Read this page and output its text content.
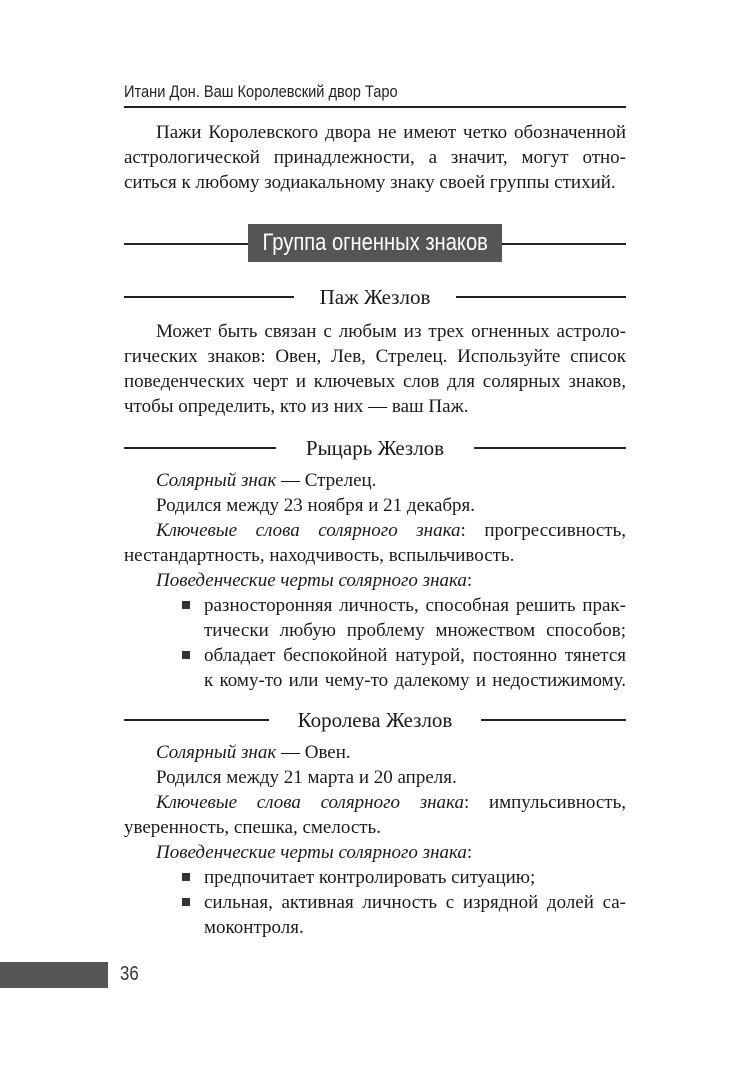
Итани Дон. Ваш Королевский двор Таро
Пажи Королевского двора не имеют четко обозначенной
астрологической принадлежности, а значит, могут отно-
ситься к любому зодиакальному знаку своей группы стихий.
Группа огненных знаков
Паж Жезлов
Может быть связан с любым из трех огненных астроло-
гических знаков: Овен, Лев, Стрелец. Используйте список
поведенческих черт и ключевых слов для солярных знаков,
чтобы определить, кто из них — ваш Паж.
Рыцарь Жезлов
Солярный знак — Стрелец.
Родился между 23 ноября и 21 декабря.
Ключевые слова солярного знака: прогрессивность,
нестандартность, находчивость, вспыльчивость.
Поведенческие черты солярного знака:
разносторонняя личность, способная решить прак-
тически любую проблему множеством способов;
обладает беспокойной натурой, постоянно тянется
к кому-то или чему-то далекому и недостижимому.
Королева Жезлов
Солярный знак — Овен.
Родился между 21 марта и 20 апреля.
Ключевые слова солярного знака: импульсивность,
уверенность, спешка, смелость.
Поведенческие черты солярного знака:
предпочитает контролировать ситуацию;
сильная, активная личность с изрядной долей са-
моконтроля.
36
